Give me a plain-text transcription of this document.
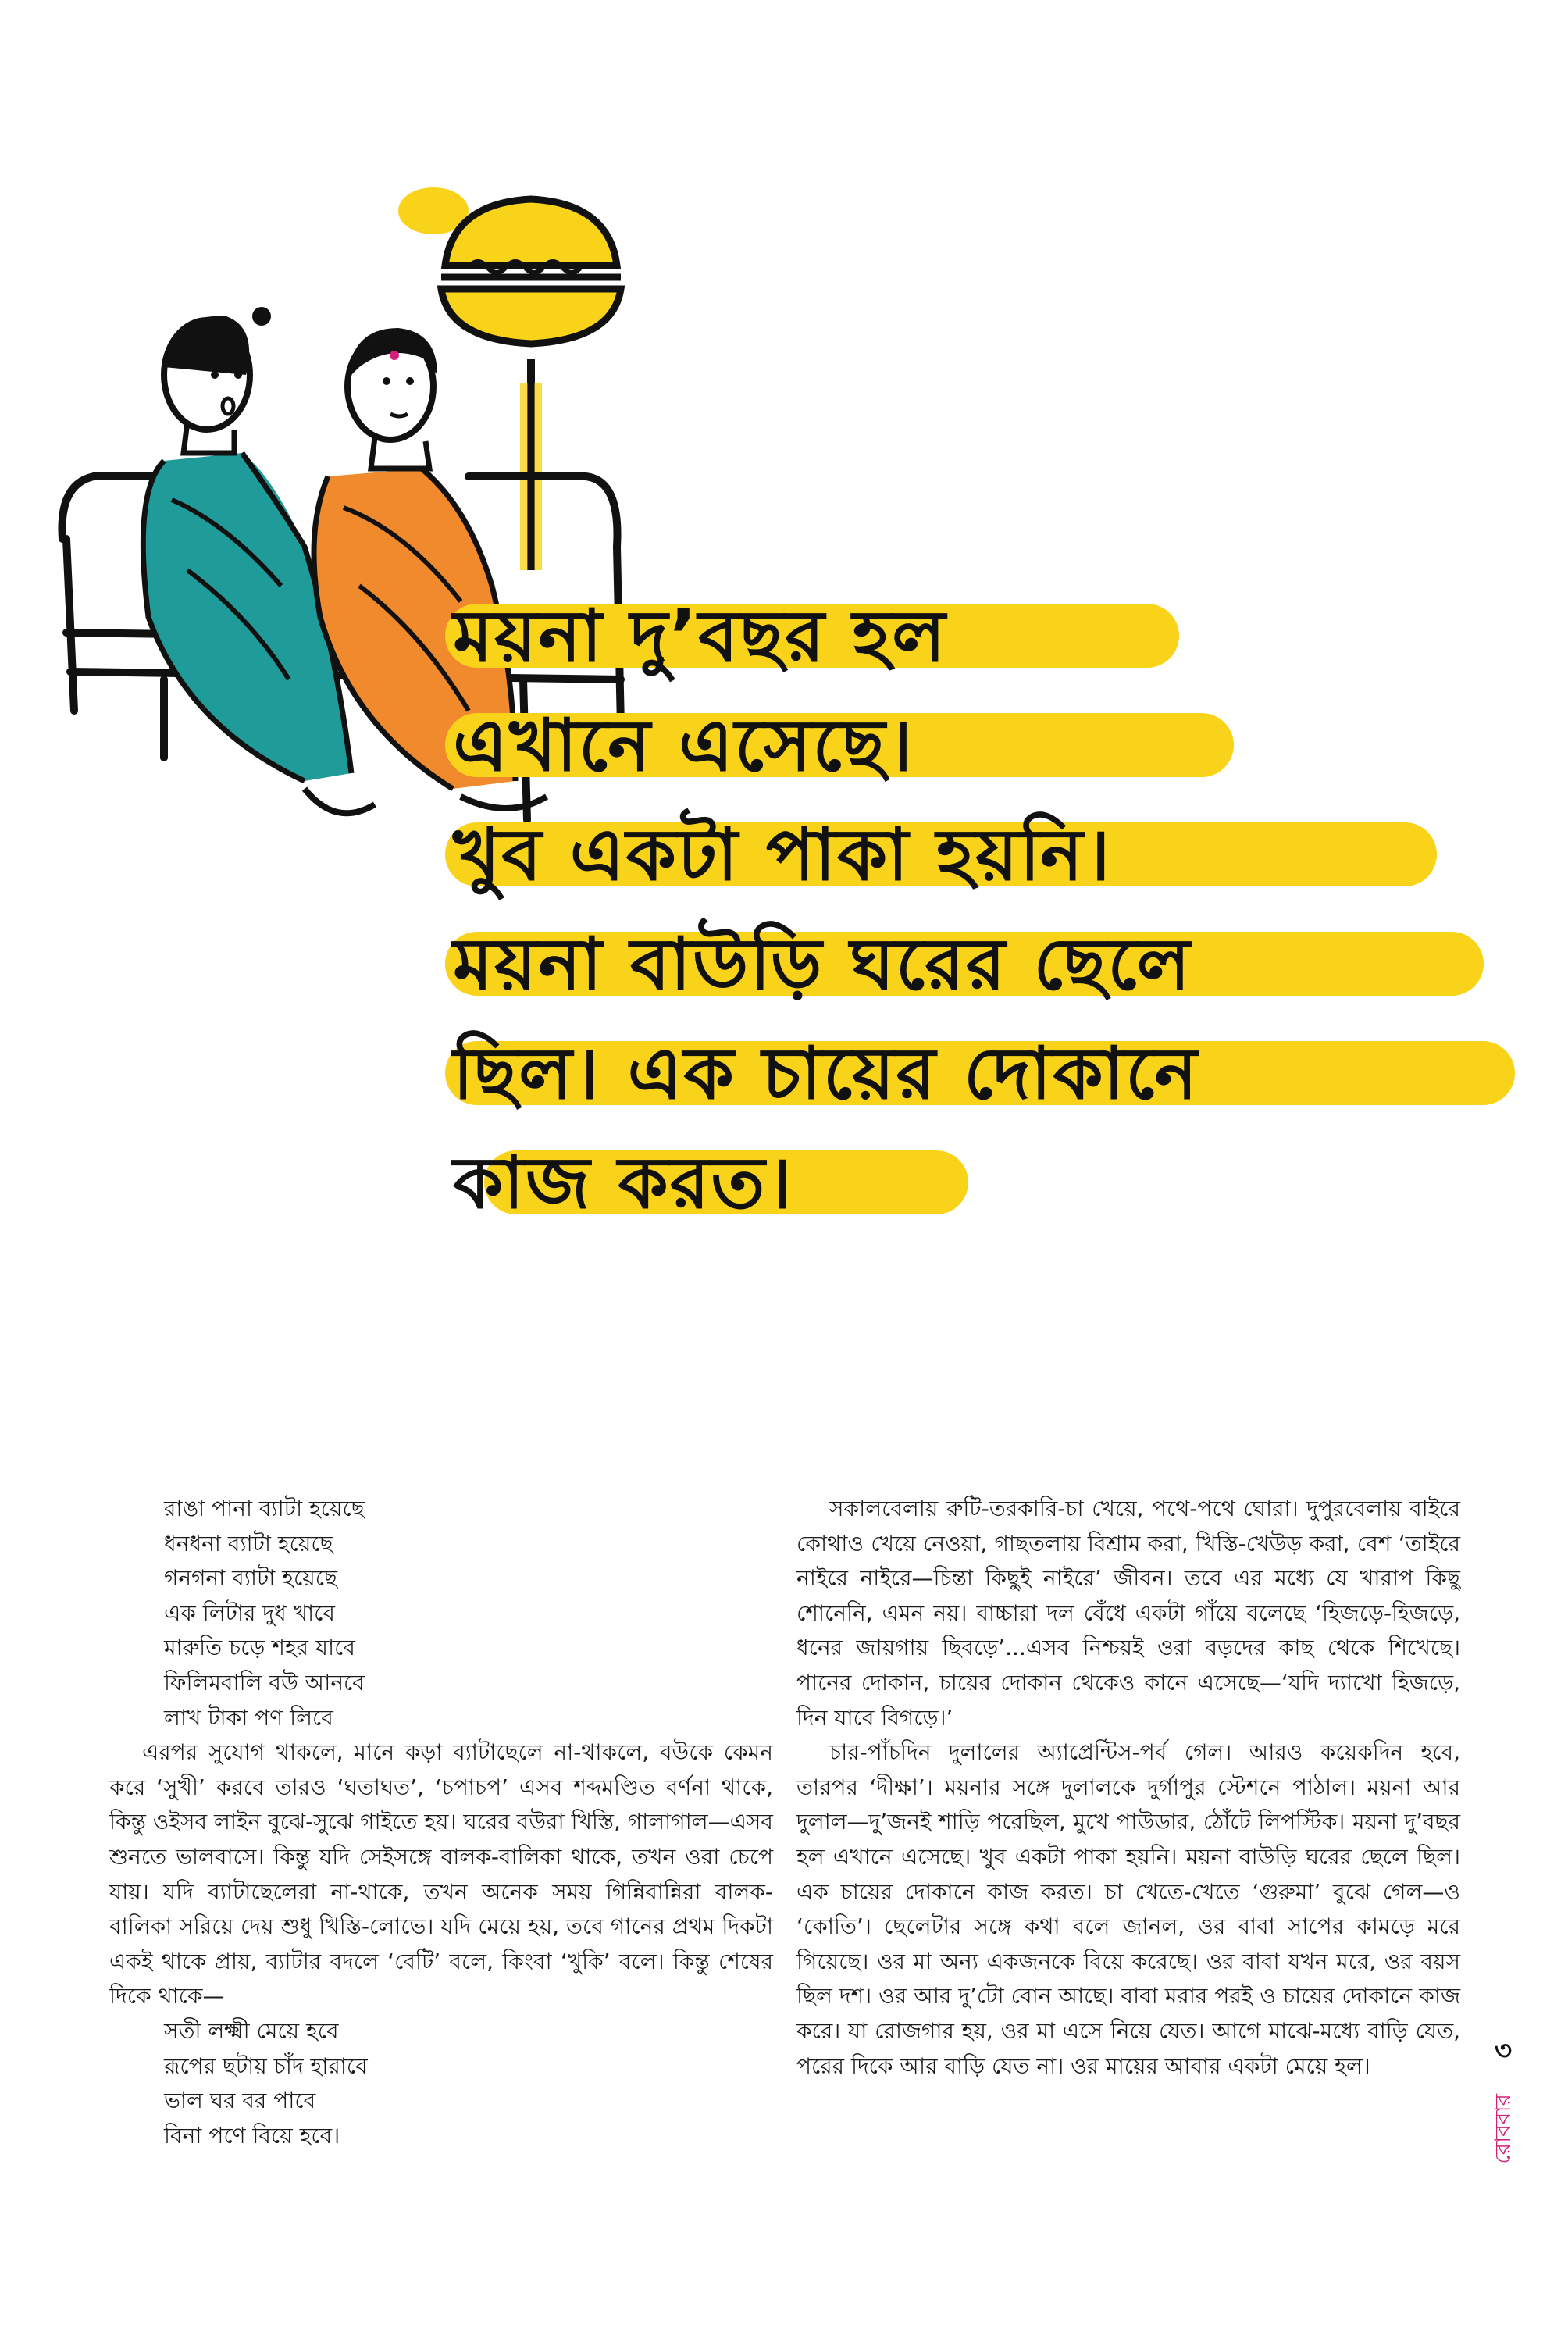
ময়না দু’বছর হল
এখানে এসেছে।
খুব একটা পাকা হয়নি।
ময়না বাউড়ি ঘরের ছেলে
ছিল। এক চায়ের দোকানে
কাজ করত।
রাঙা পানা ব্যাটা হয়েছে
ধনধনা ব্যাটা হয়েছে
গনগনা ব্যাটা হয়েছে
এক লিটার দুধ খাবে
মারুতি চড়ে শহর যাবে
ফিলিমবালি বউ আনবে
লাখ টাকা পণ লিবে

এরপর সুযোগ থাকলে, মানে কড়া ব্যাটাছেলে না-থাকলে, বউকে কেমন করে ‘সুখী’ করবে তারও ‘ঘতাঘত’, ‘চপাচপ’ এসব শব্দমণ্ডিত বর্ণনা থাকে, কিন্তু ওইসব লাইন বুঝে-সুঝে গাইতে হয়। ঘরের বউরা খিস্তি, গালাগাল—এসব শুনতে ভালবাসে। কিন্তু যদি সেইসঙ্গে বালক-বালিকা থাকে, তখন ওরা চেপে যায়। যদি ব্যাটাছেলেরা না-থাকে, তখন অনেক সময় গিন্নিবান্নিরা বালক-বালিকা সরিয়ে দেয় শুধু খিস্তি-লোভে। যদি মেয়ে হয়, তবে গানের প্রথম দিকটা একই থাকে প্রায়, ব্যাটার বদলে ‘বেটি’ বলে, কিংবা ‘খুকি’ বলে। কিন্তু শেষের দিকে থাকে—

সতী লক্ষ্মী মেয়ে হবে
রূপের ছটায় চাঁদ হারাবে
ভাল ঘর বর পাবে
বিনা পণে বিয়ে হবে।

সকালবেলায় রুটি-তরকারি-চা খেয়ে, পথে-পথে ঘোরা। দুপুরবেলায় বাইরে কোথাও খেয়ে নেওয়া, গাছতলায় বিশ্রাম করা, খিস্তি-খেউড় করা, বেশ ‘তাইরে নাইরে নাইরে—চিন্তা কিছুই নাইরে’ জীবন। তবে এর মধ্যে যে খারাপ কিছু শোনেনি, এমন নয়। বাচ্চারা দল বেঁধে একটা গাঁয়ে বলেছে ‘হিজড়ে-হিজড়ে, ধনের জায়গায় ছিবড়ে’...এসব নিশ্চয়ই ওরা বড়দের কাছ থেকে শিখেছে। পানের দোকান, চায়ের দোকান থেকেও কানে এসেছে—‘যদি দ্যাখো হিজড়ে, দিন যাবে বিগড়ে।’

চার-পাঁচদিন দুলালের অ্যাপ্রেন্টিস-পর্ব গেল। আরও কয়েকদিন হবে, তারপর ‘দীক্ষা’। ময়নার সঙ্গে দুলালকে দুর্গাপুর স্টেশনে পাঠাল। ময়না আর দুলাল—দু’জনই শাড়ি পরেছিল, মুখে পাউডার, ঠোঁটে লিপস্টিক। ময়না দু’বছর হল এখানে এসেছে। খুব একটা পাকা হয়নি। ময়না বাউড়ি ঘরের ছেলে ছিল। এক চায়ের দোকানে কাজ করত। চা খেতে-খেতে ‘গুরুমা’ বুঝে গেল—ও ‘কোতি’। ছেলেটার সঙ্গে কথা বলে জানল, ওর বাবা সাপের কামড়ে মরে গিয়েছে। ওর মা অন্য একজনকে বিয়ে করেছে। ওর বাবা যখন মরে, ওর বয়স ছিল দশ। ওর আর দু’টো বোন আছে। বাবা মরার পরই ও চায়ের দোকানে কাজ করে। যা রোজগার হয়, ওর মা এসে নিয়ে যেত। আগে মাঝে-মধ্যে বাড়ি যেত, পরের দিকে আর বাড়ি যেত না। ওর মায়ের আবার একটা মেয়ে হল।	৩
রোববার
